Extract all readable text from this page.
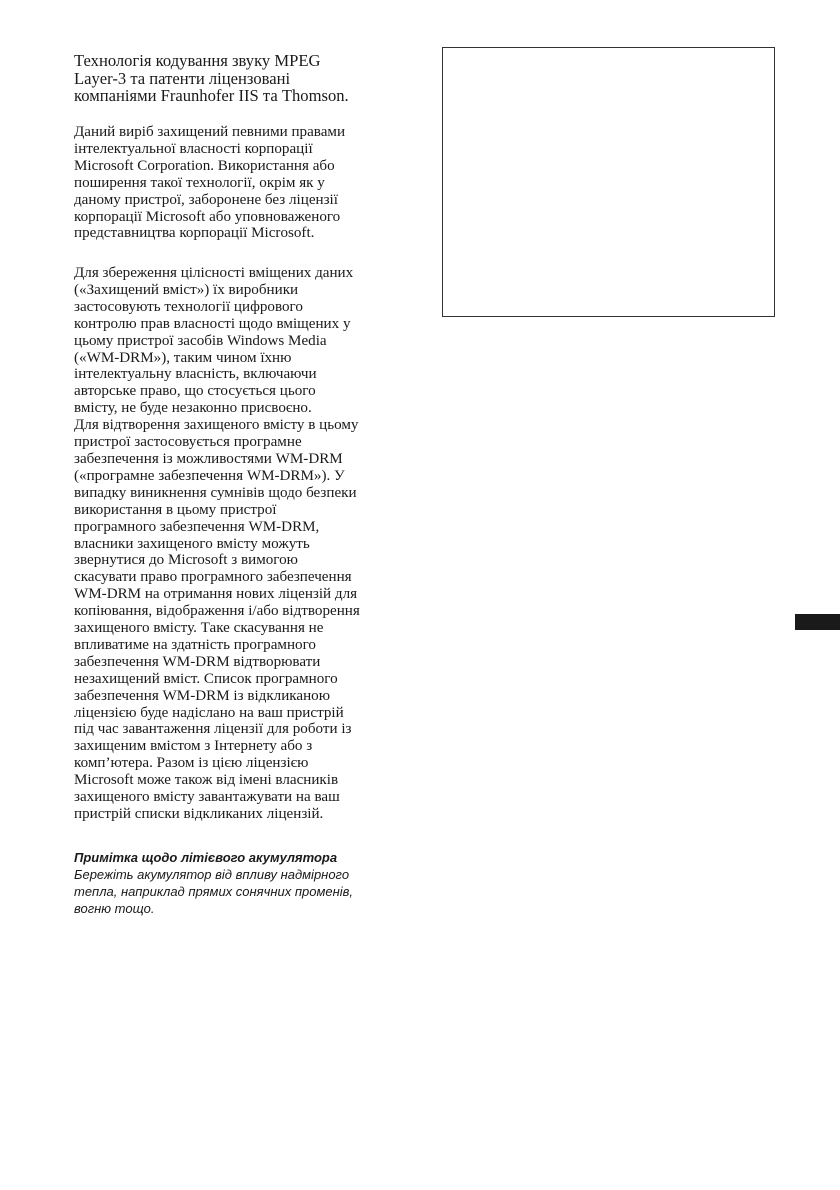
Технологія кодування звуку MPEG
Layer-3 та патенти ліцензовані
компаніями Fraunhofer IIS та Thomson.

Даний виріб захищений певними правами
інтелектуальної власності корпорації
Microsoft Corporation. Використання або
поширення такої технології, окрім як у
даному пристрої, заборонене без ліцензії
корпорації Microsoft або уповноваженого
представництва корпорації Microsoft.

Для збереження цілісності вміщених даних
(«Захищений вміст») їх виробники
застосовують технології цифрового
контролю прав власності щодо вміщених у
цьому пристрої засобів Windows Media
(«WM-DRM»), таким чином їхню
інтелектуальну власність, включаючи
авторське право, що стосується цього
вмісту, не буде незаконно присвоєно.
Для відтворення захищеного вмісту в цьому
пристрої застосовується програмне
забезпечення із можливостями WM-DRM
(«програмне забезпечення WM-DRM»). У
випадку виникнення сумнівів щодо безпеки
використання в цьому пристрої
програмного забезпечення WM-DRM,
власники захищеного вмісту можуть
звернутися до Microsoft з вимогою
скасувати право програмного забезпечення
WM-DRM на отримання нових ліцензій для
копіювання, відображення і/або відтворення
захищеного вмісту. Таке скасування не
впливатиме на здатність програмного
забезпечення WM-DRM відтворювати
незахищений вміст. Список програмного
забезпечення WM-DRM із відкликаною
ліцензією буде надіслано на ваш пристрій
під час завантаження ліцензії для роботи із
захищеним вмістом з Інтернету або з
комп’ютера. Разом із цією ліцензією
Microsoft може також від імені власників
захищеного вмісту завантажувати на ваш
пристрій списки відкликаних ліцензій.

Примітка щодо літієвого акумулятора

Бережіть акумулятор від впливу надмірного
тепла, наприклад прямих сонячних променів,
вогню тощо.
